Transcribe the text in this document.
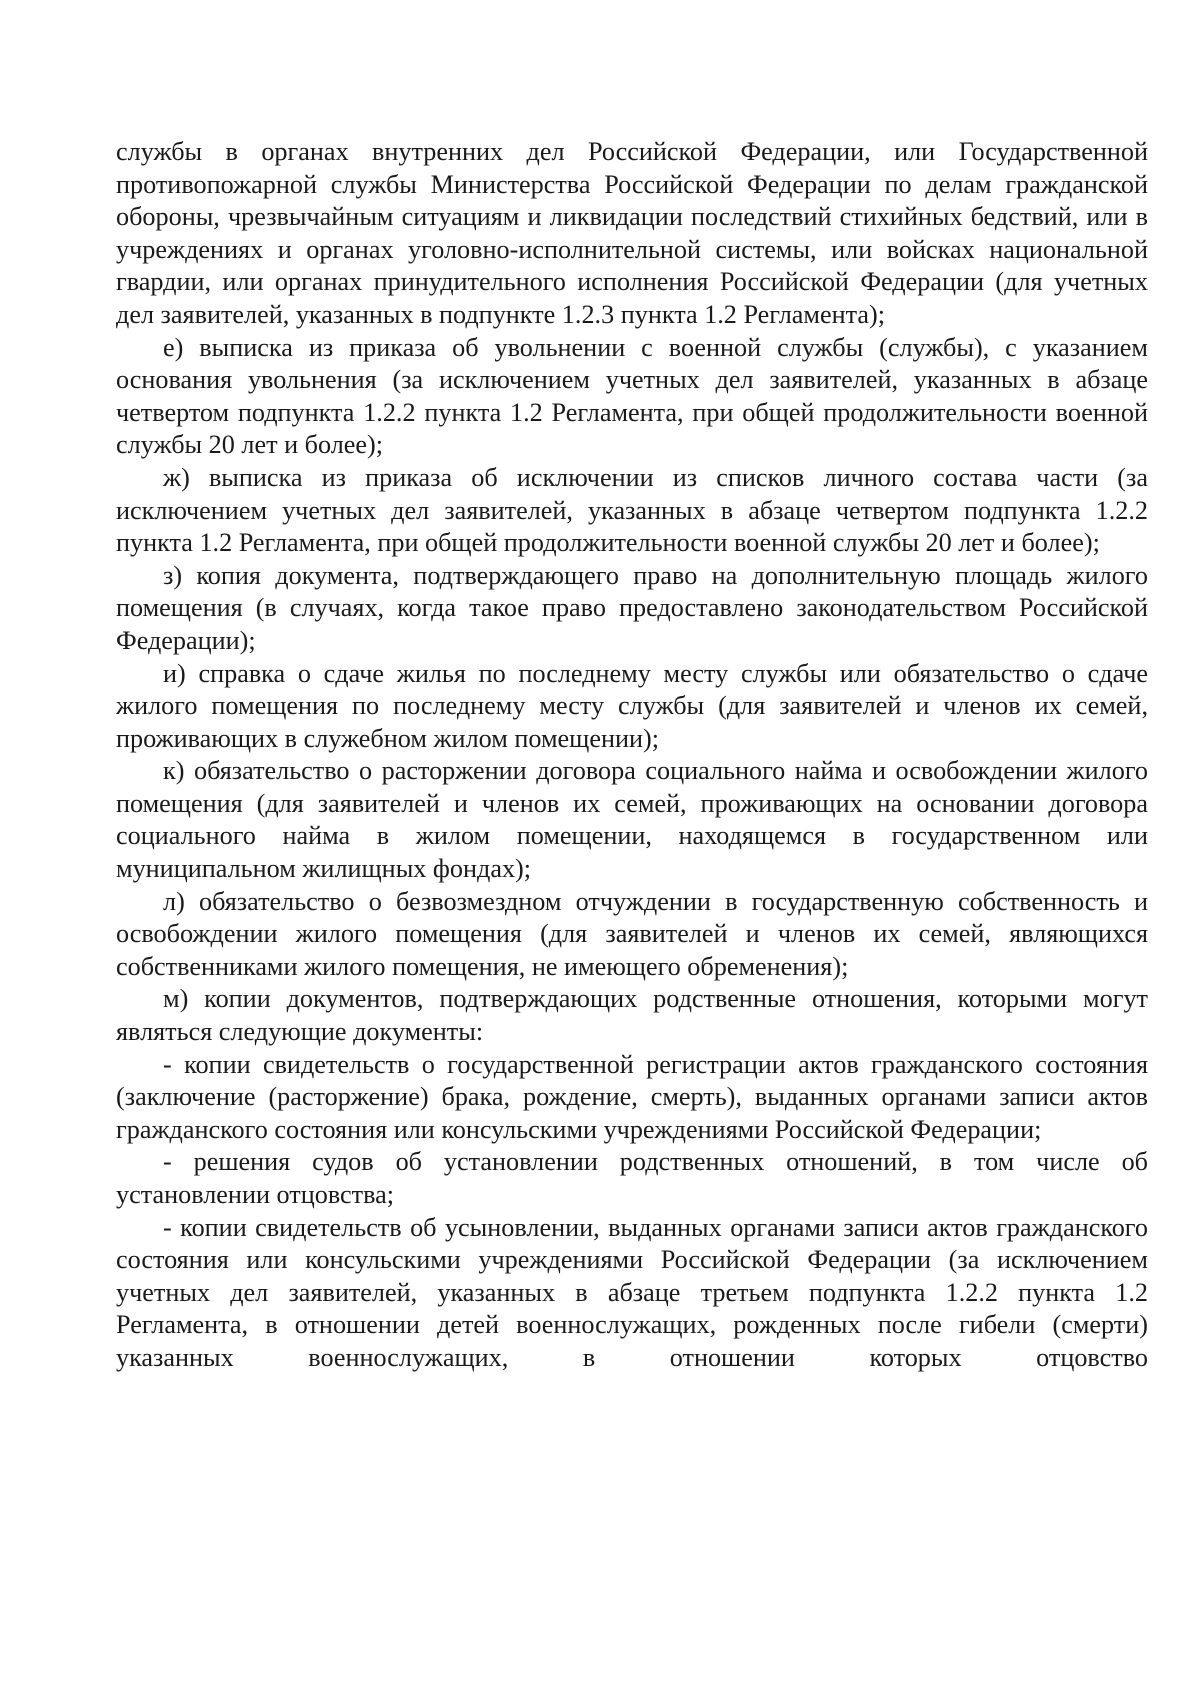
службы в органах внутренних дел Российской Федерации, или Государственной противопожарной службы Министерства Российской Федерации по делам гражданской обороны, чрезвычайным ситуациям и ликвидации последствий стихийных бедствий, или в учреждениях и органах уголовно-исполнительной системы, или войсках национальной гвардии, или органах принудительного исполнения Российской Федерации (для учетных дел заявителей, указанных в подпункте 1.2.3 пункта 1.2 Регламента);

е) выписка из приказа об увольнении с военной службы (службы), с указанием основания увольнения (за исключением учетных дел заявителей, указанных в абзаце четвертом подпункта 1.2.2 пункта 1.2 Регламента, при общей продолжительности военной службы 20 лет и более);

ж) выписка из приказа об исключении из списков личного состава части (за исключением учетных дел заявителей, указанных в абзаце четвертом подпункта 1.2.2 пункта 1.2 Регламента, при общей продолжительности военной службы 20 лет и более);

з) копия документа, подтверждающего право на дополнительную площадь жилого помещения (в случаях, когда такое право предоставлено законодательством Российской Федерации);

и) справка о сдаче жилья по последнему месту службы или обязательство о сдаче жилого помещения по последнему месту службы (для заявителей и членов их семей, проживающих в служебном жилом помещении);

к) обязательство о расторжении договора социального найма и освобождении жилого помещения (для заявителей и членов их семей, проживающих на основании договора социального найма в жилом помещении, находящемся в государственном или муниципальном жилищных фондах);

л) обязательство о безвозмездном отчуждении в государственную собственность и освобождении жилого помещения (для заявителей и членов их семей, являющихся собственниками жилого помещения, не имеющего обременения);

м) копии документов, подтверждающих родственные отношения, которыми могут являться следующие документы:

- копии свидетельств о государственной регистрации актов гражданского состояния (заключение (расторжение) брака, рождение, смерть), выданных органами записи актов гражданского состояния или консульскими учреждениями Российской Федерации;

- решения судов об установлении родственных отношений, в том числе об установлении отцовства;

- копии свидетельств об усыновлении, выданных органами записи актов гражданского состояния или консульскими учреждениями Российской Федерации (за исключением учетных дел заявителей, указанных в абзаце третьем подпункта 1.2.2 пункта 1.2 Регламента, в отношении детей военнослужащих, рожденных после гибели (смерти) указанных военнослужащих, в отношении которых отцовство
